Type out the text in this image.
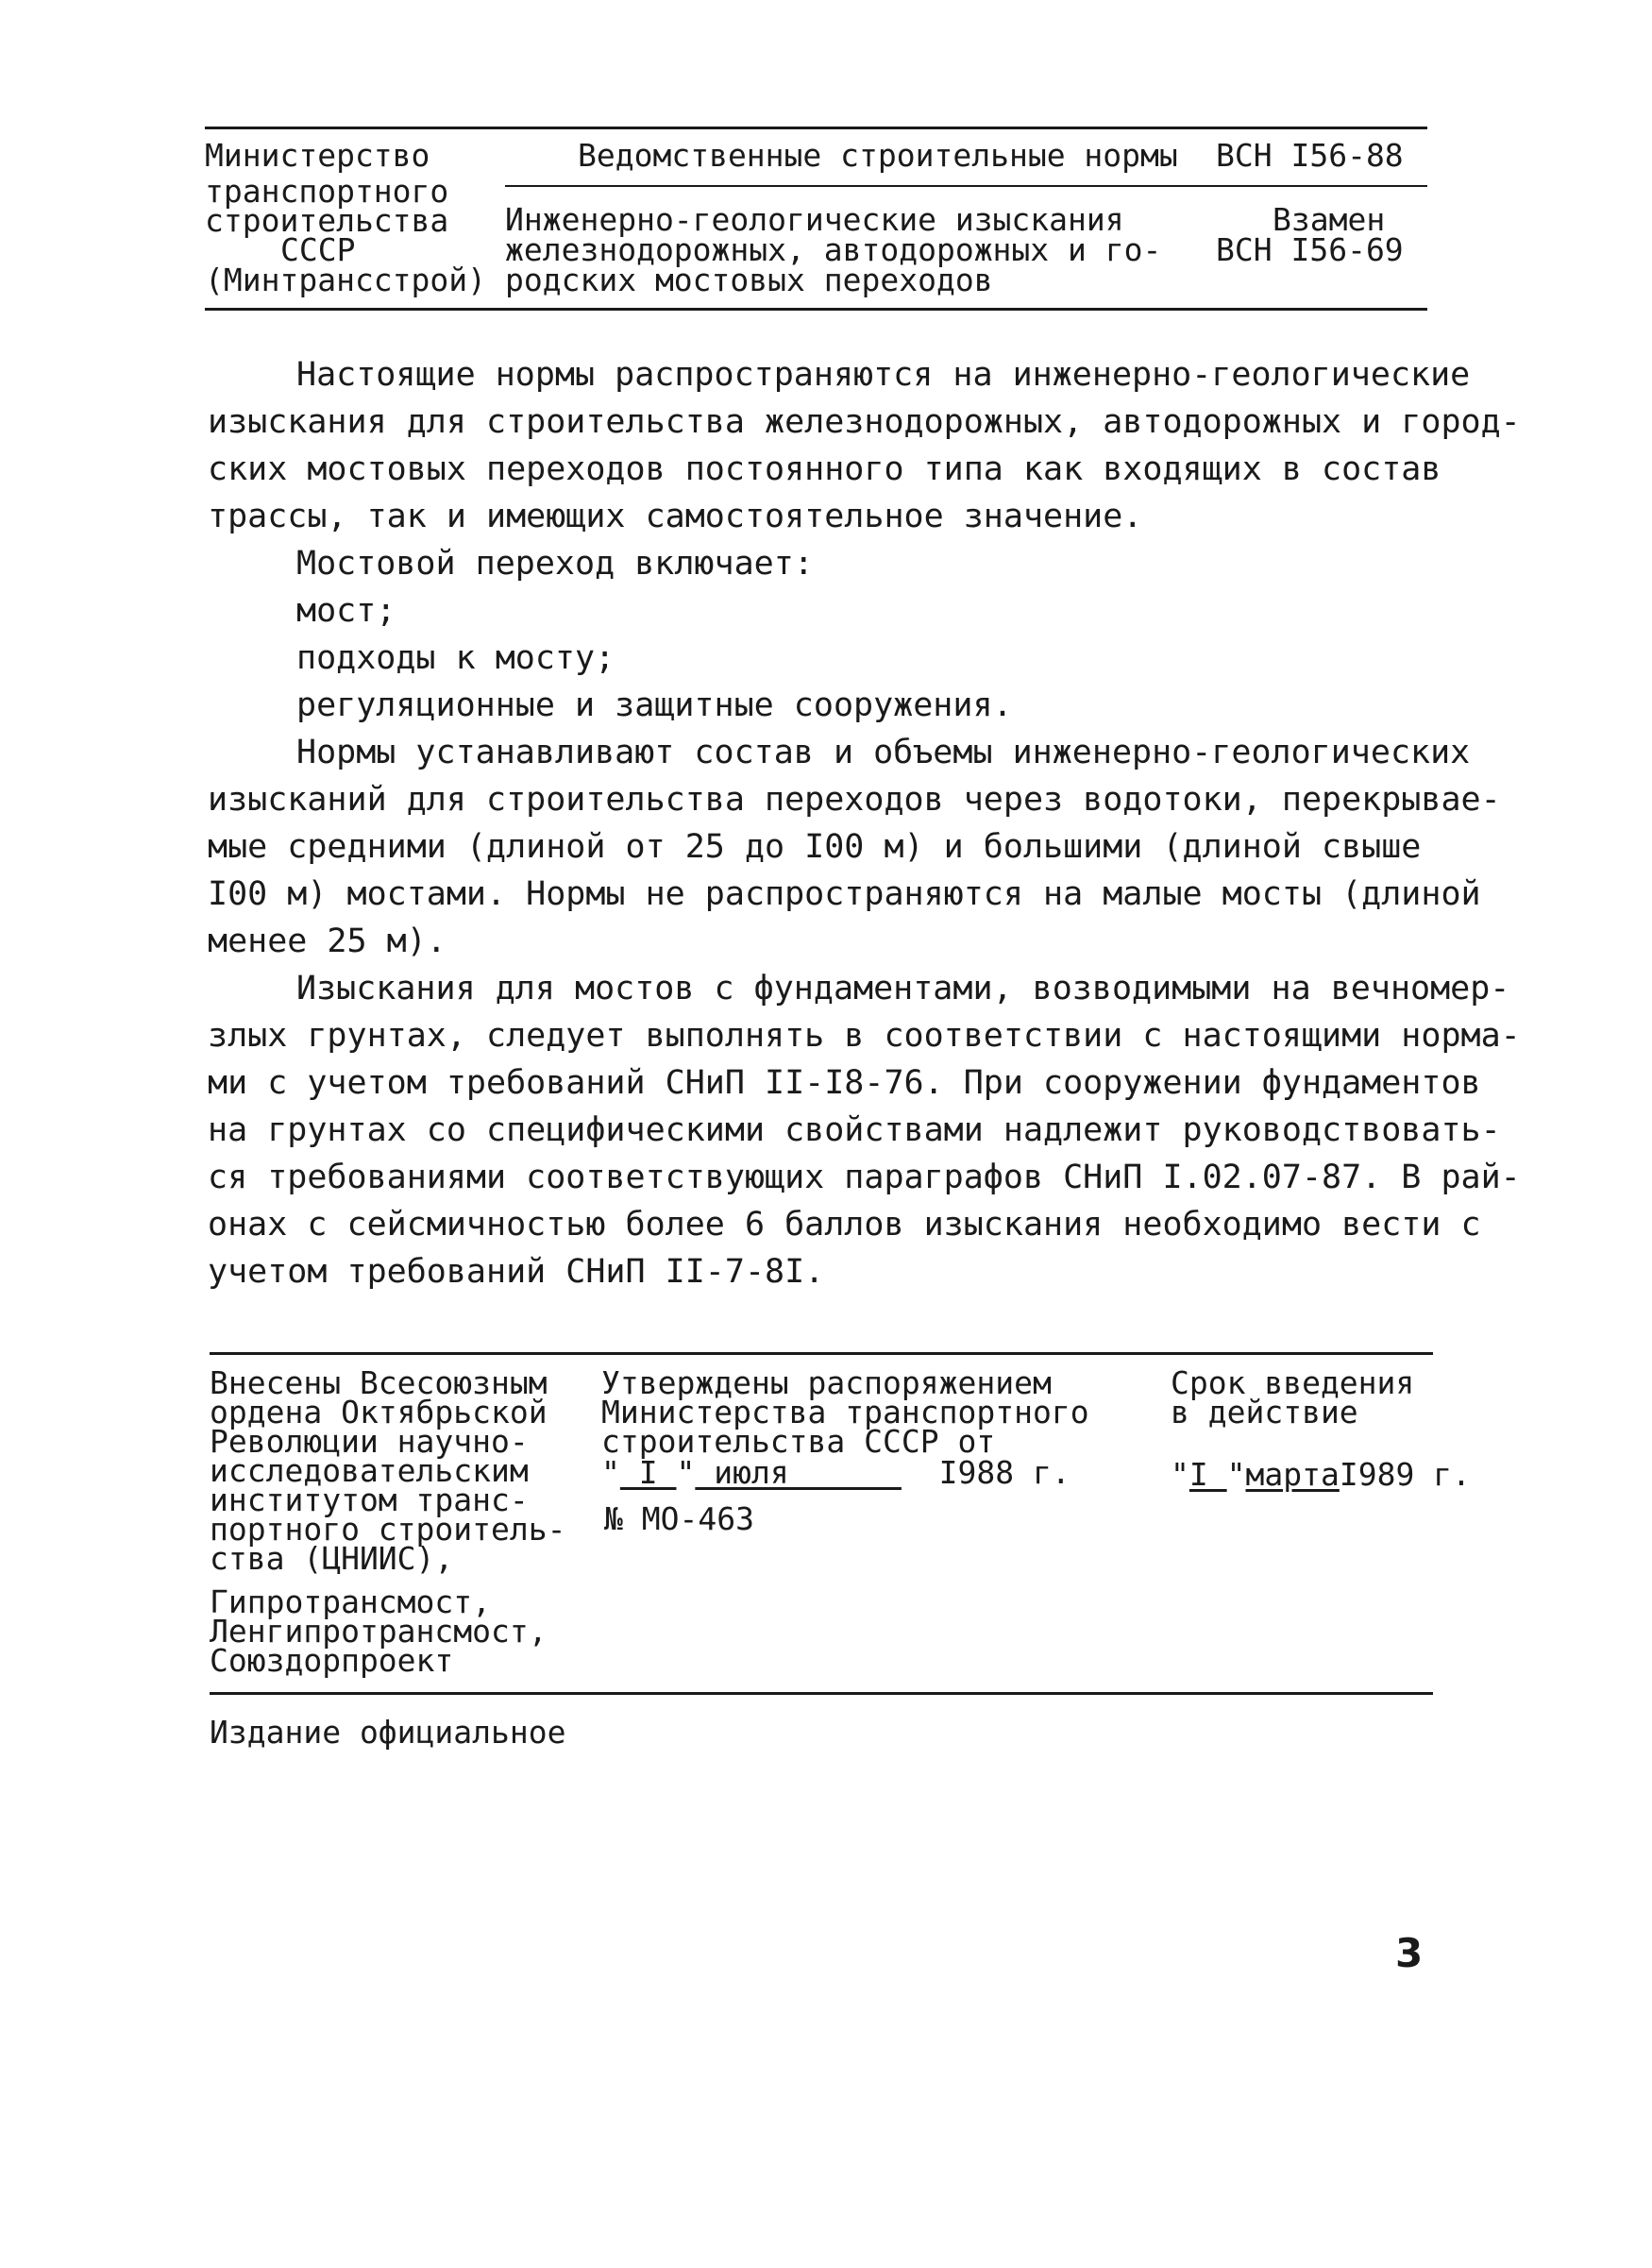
Министерство
транспортного
строительства
СССР
(Минтрансстрой)
Ведомственные строительные нормы ВСН I56-88
Инженерно-геологические изыскания
железнодорожных, автодорожных и го-
родских мостовых переходов
Взамен
ВСН I56-69
Настоящие нормы распространяются на инженерно-геологические
изыскания для строительства железнодорожных, автодорожных и город-
ских мостовых переходов постоянного типа как входящих в состав
трассы, так и имеющих самостоятельное значение.
Мостовой переход включает:
мост;
подходы к мосту;
регуляционные и защитные сооружения.
Нормы устанавливают состав и объемы инженерно-геологических
изысканий для строительства переходов через водотоки, перекрывае-
мые средними (длиной от 25 до I00 м) и большими (длиной свыше
I00 м) мостами. Нормы не распространяются на малые мосты (длиной
менее 25 м).
Изыскания для мостов с фундаментами, возводимыми на вечномер-
злых грунтах, следует выполнять в соответствии с настоящими норма-
ми с учетом требований СНиП II-I8-76. При сооружении фундаментов
на грунтах со специфическими свойствами надлежит руководствовать-
ся требованиями соответствующих параграфов СНиП I.02.07-87. В рай-
онах с сейсмичностью более 6 баллов изыскания необходимо вести с
учетом требований СНиП II-7-8I.
Внесены Всесоюзным
ордена Октябрьской
Революции научно-
исследовательским
институтом транс-
портного строитель-
ства (ЦНИИС),
Гипротрансмост,
Ленгипротрансмост,
Союздорпроект
Утверждены распоряжением
Министерства транспортного
строительства СССР от
" I " июля        I988 г.
№ МО-463
Срок введения
в действие
"I "мартаI989 г.
Издание официальное
3
